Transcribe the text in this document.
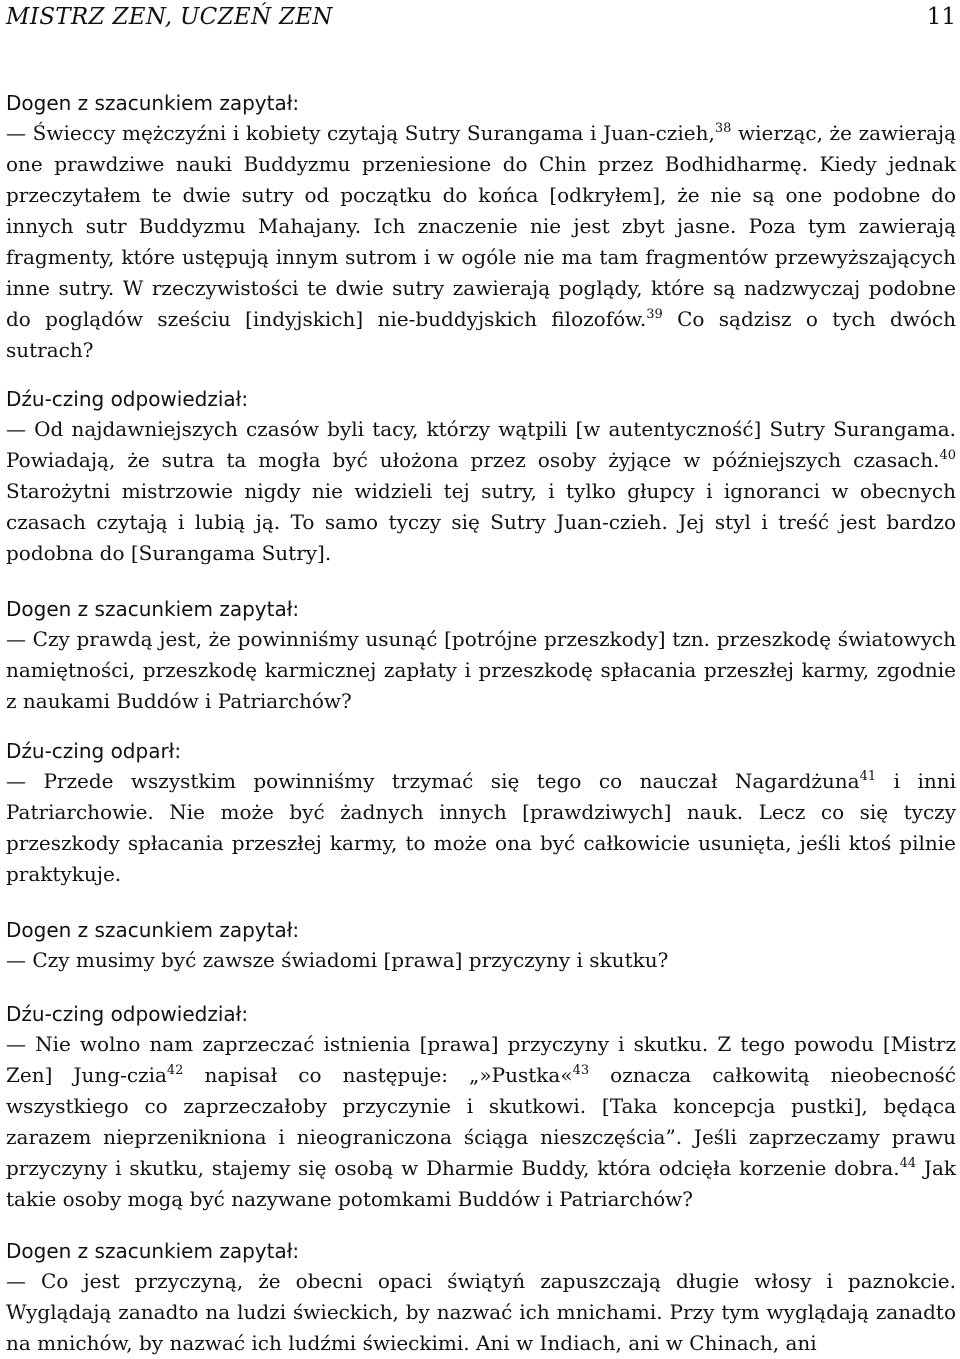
MISTRZ ZEN, UCZEŃ ZEN	11
Dogen z szacunkiem zapytał:
— Świeccy mężczyźni i kobiety czytają Sutry Surangama i Juan-czieh,$^{38}$ wierząc, że zawierają one prawdziwe nauki Buddyzmu przeniesione do Chin przez Bodhidharmę. Kiedy jednak przeczytałem te dwie sutry od początku do końca [odkryłem], że nie są one podobne do innych sutr Buddyzmu Mahajany. Ich znaczenie nie jest zbyt jasne. Poza tym zawierają fragmenty, które ustępują innym sutrom i w ogóle nie ma tam fragmentów przewyższających inne sutry. W rzeczywistości te dwie sutry zawierają poglądy, które są nadzwyczaj podobne do poglądów sześciu [indyjskich] nie-buddyjskich filozofów.$^{39}$ Co sądzisz o tych dwóch sutrach?
Dźu-czing odpowiedział:
— Od najdawniejszych czasów byli tacy, którzy wątpili [w autentyczność] Sutry Surangama. Powiadają, że sutra ta mogła być ułożona przez osoby żyjące w późniejszych czasach.$^{40}$ Starożytni mistrzowie nigdy nie widzieli tej sutry, i tylko głupcy i ignoranci w obecnych czasach czytają i lubią ją. To samo tyczy się Sutry Juan-czieh. Jej styl i treść jest bardzo podobna do [Surangama Sutry].
Dogen z szacunkiem zapytał:
— Czy prawdą jest, że powinniśmy usunąć [potrójne przeszkody] tzn. przeszkodę światowych namiętności, przeszkodę karmicznej zapłaty i przeszkodę spłacania przeszłej karmy, zgodnie z naukami Buddów i Patriarchów?
Dźu-czing odparł:
— Przede wszystkim powinniśmy trzymać się tego co nauczał Nagardżuna$^{41}$ i inni Patriarchowie. Nie może być żadnych innych [prawdziwych] nauk. Lecz co się tyczy przeszkody spłacania przeszłej karmy, to może ona być całkowicie usunięta, jeśli ktoś pilnie praktykuje.
Dogen z szacunkiem zapytał:
— Czy musimy być zawsze świadomi [prawa] przyczyny i skutku?
Dźu-czing odpowiedział:
— Nie wolno nam zaprzeczać istnienia [prawa] przyczyny i skutku. Z tego powodu [Mistrz Zen] Jung-czia$^{42}$ napisał co następuje: „»Pustka«$^{43}$ oznacza całkowitą nieobecność wszystkiego co zaprzeczałoby przyczynie i skutkowi. [Taka koncepcja pustki], będąca zarazem nieprzenikniona i nieograniczona ściąga nieszczęścia”. Jeśli zaprzeczamy prawu przyczyny i skutku, stajemy się osobą w Dharmie Buddy, która odcięła korzenie dobra.$^{44}$ Jak takie osoby mogą być nazywane potomkami Buddów i Patriarchów?
Dogen z szacunkiem zapytał:
— Co jest przyczyną, że obecni opaci świątyń zapuszczają długie włosy i paznokcie. Wyglądają zanadto na ludzi świeckich, by nazwać ich mnichami. Przy tym wyglądają zanadto na mnichów, by nazwać ich ludźmi świeckimi. Ani w Indiach, ani w Chinach, ani
